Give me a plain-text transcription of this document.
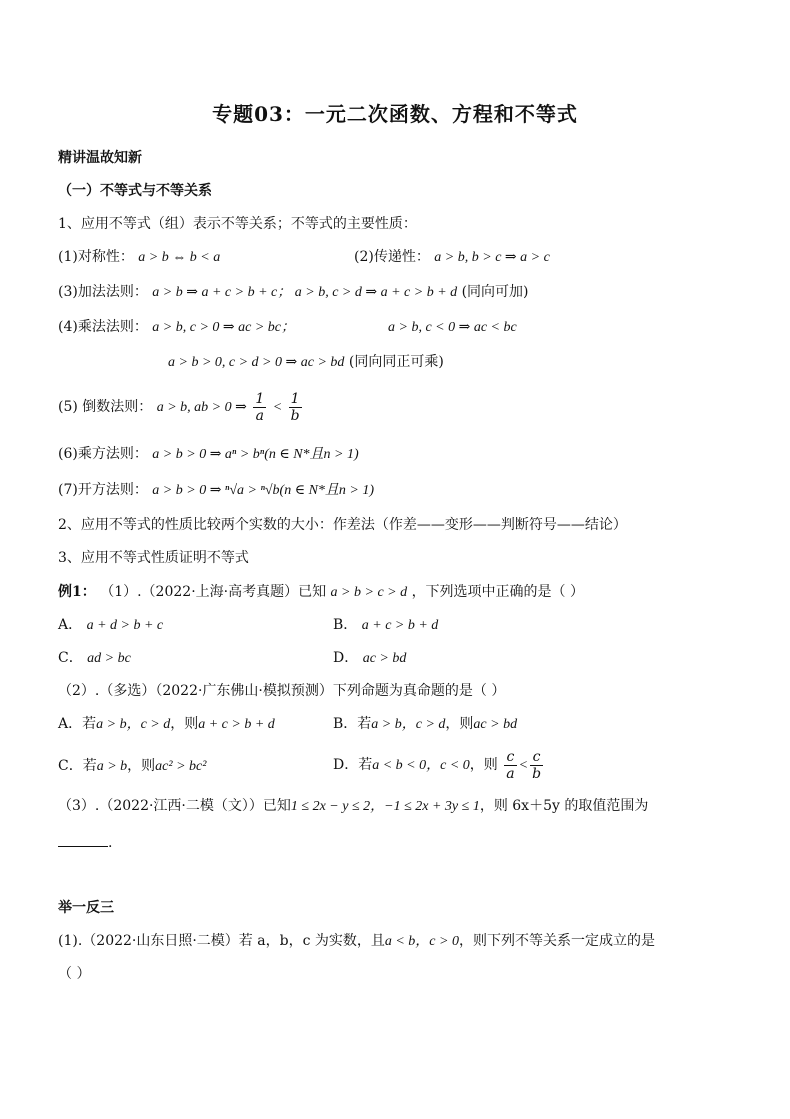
专题03：一元二次函数、方程和不等式
精讲温故知新
（一）不等式与不等关系
1、应用不等式（组）表示不等关系；不等式的主要性质：
(1)对称性： a > b ⇔ b < a	(2)传递性： a > b, b > c ⇒ a > c
(3)加法法则： a > b ⇒ a + c > b + c； a > b, c > d ⇒ a + c > b + d (同向可加)
(4)乘法法则： a > b, c > 0 ⇒ ac > bc；	a > b, c < 0 ⇒ ac < bc
a > b > 0, c > d > 0 ⇒ ac > bd (同向同正可乘)
(5) 倒数法则： a > b, ab > 0 ⇒ $\frac{1}{a} < \frac{1}{b}$
(6)乘方法则： a > b > 0 ⇒ aⁿ > bⁿ(n ∈ N*且n > 1)
(7)开方法则： a > b > 0 ⇒ ⁿ√a > ⁿ√b(n ∈ N*且n > 1)
2、应用不等式的性质比较两个实数的大小：作差法（作差——变形——判断符号——结论）
3、应用不等式性质证明不等式
例1： （1）.（2022·上海·高考真题）已知 a > b > c > d ，下列选项中正确的是（ ）
A． a + d > b + c	B． a + c > b + d
C． ad > bc	D． ac > bd
（2）.（多选）（2022·广东佛山·模拟预测）下列命题为真命题的是（ ）
A．若a > b，c > d，则a + c > b + d	B．若a > b，c > d，则ac > bd
C．若a > b，则ac² > bc²	D．若a < b < 0，c < 0，则 $\frac{c}{a} < \frac{c}{b}$
（3）.（2022·江西·二模（文））已知1 ≤ 2x − y ≤ 2，−1 ≤ 2x + 3y ≤ 1，则 6x＋5y 的取值范围为
.
举一反三
(1).（2022·山东日照·二模）若 a，b，c 为实数，且a < b，c > 0，则下列不等关系一定成立的是
（ ）
